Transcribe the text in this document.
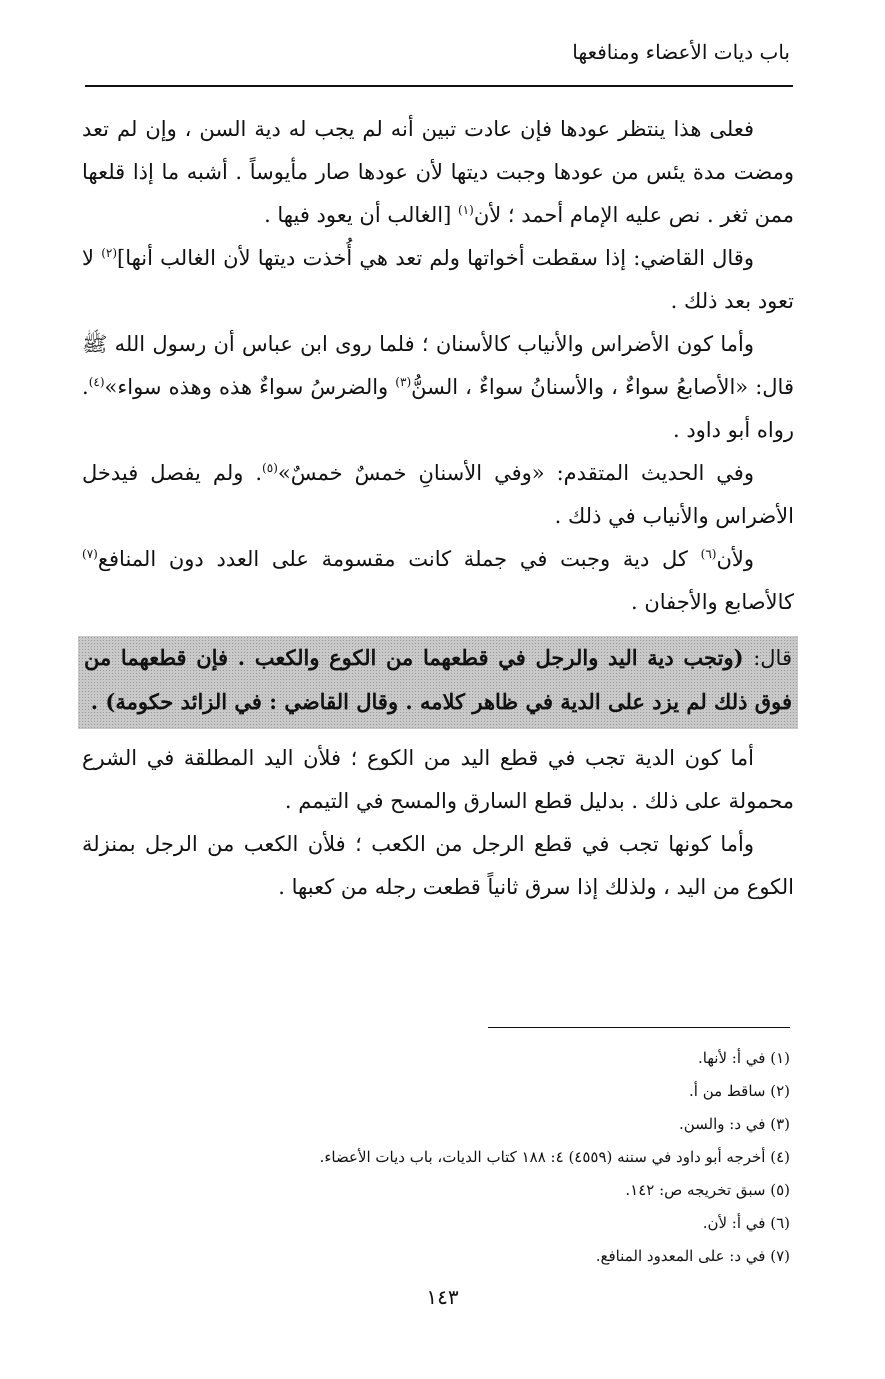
باب ديات الأعضاء ومنافعها

فعلى هذا ينتظر عودها فإن عادت تبين أنه لم يجب له دية السن ، وإن لم تعد ومضت مدة يئس من عودها وجبت ديتها لأن عودها صار مأيوساً . أشبه ما إذا قلعها ممن ثغر . نص عليه الإمام أحمد ؛ لأن$^{(١)}$ [الغالب أن يعود فيها .

وقال القاضي: إذا سقطت أخواتها ولم تعد هي أُخذت ديتها لأن الغالب أنها]$^{(٢)}$ لا تعود بعد ذلك .

وأما كون الأضراس والأنياب كالأسنان ؛ فلما روى ابن عباس أن رسول الله ﷺ قال: «الأصابعُ سواءٌ ، والأسنانُ سواءٌ ، السنُّ$^{(٣)}$ والضرسُ سواءٌ هذه وهذه سواء»$^{(٤)}$. رواه أبو داود .

وفي الحديث المتقدم: «وفي الأسنانِ خمسٌ خمسٌ»$^{(٥)}$. ولم يفصل فيدخل الأضراس والأنياب في ذلك .

ولأن$^{(٦)}$ كل دية وجبت في جملة كانت مقسومة على العدد دون المنافع$^{(٧)}$ كالأصابع والأجفان .

قال: (وتجب دية اليد والرجل في قطعهما من الكوع والكعب . فإن قطعهما من فوق ذلك لم يزد على الدية في ظاهر كلامه . وقال القاضي : في الزائد حكومة) .

أما كون الدية تجب في قطع اليد من الكوع ؛ فلأن اليد المطلقة في الشرع محمولة على ذلك . بدليل قطع السارق والمسح في التيمم .

وأما كونها تجب في قطع الرجل من الكعب ؛ فلأن الكعب من الرجل بمنزلة الكوع من اليد ، ولذلك إذا سرق ثانياً قطعت رجله من كعبها .

(١) في أ: لأنها.
(٢) ساقط من أ.
(٣) في د: والسن.
(٤) أخرجه أبو داود في سننه (٤٥٥٩) ٤: ١٨٨ كتاب الديات، باب ديات الأعضاء.
(٥) سبق تخريجه ص: ١٤٢.
(٦) في أ: لأن.
(٧) في د: على المعدود المنافع.
١٤٣
